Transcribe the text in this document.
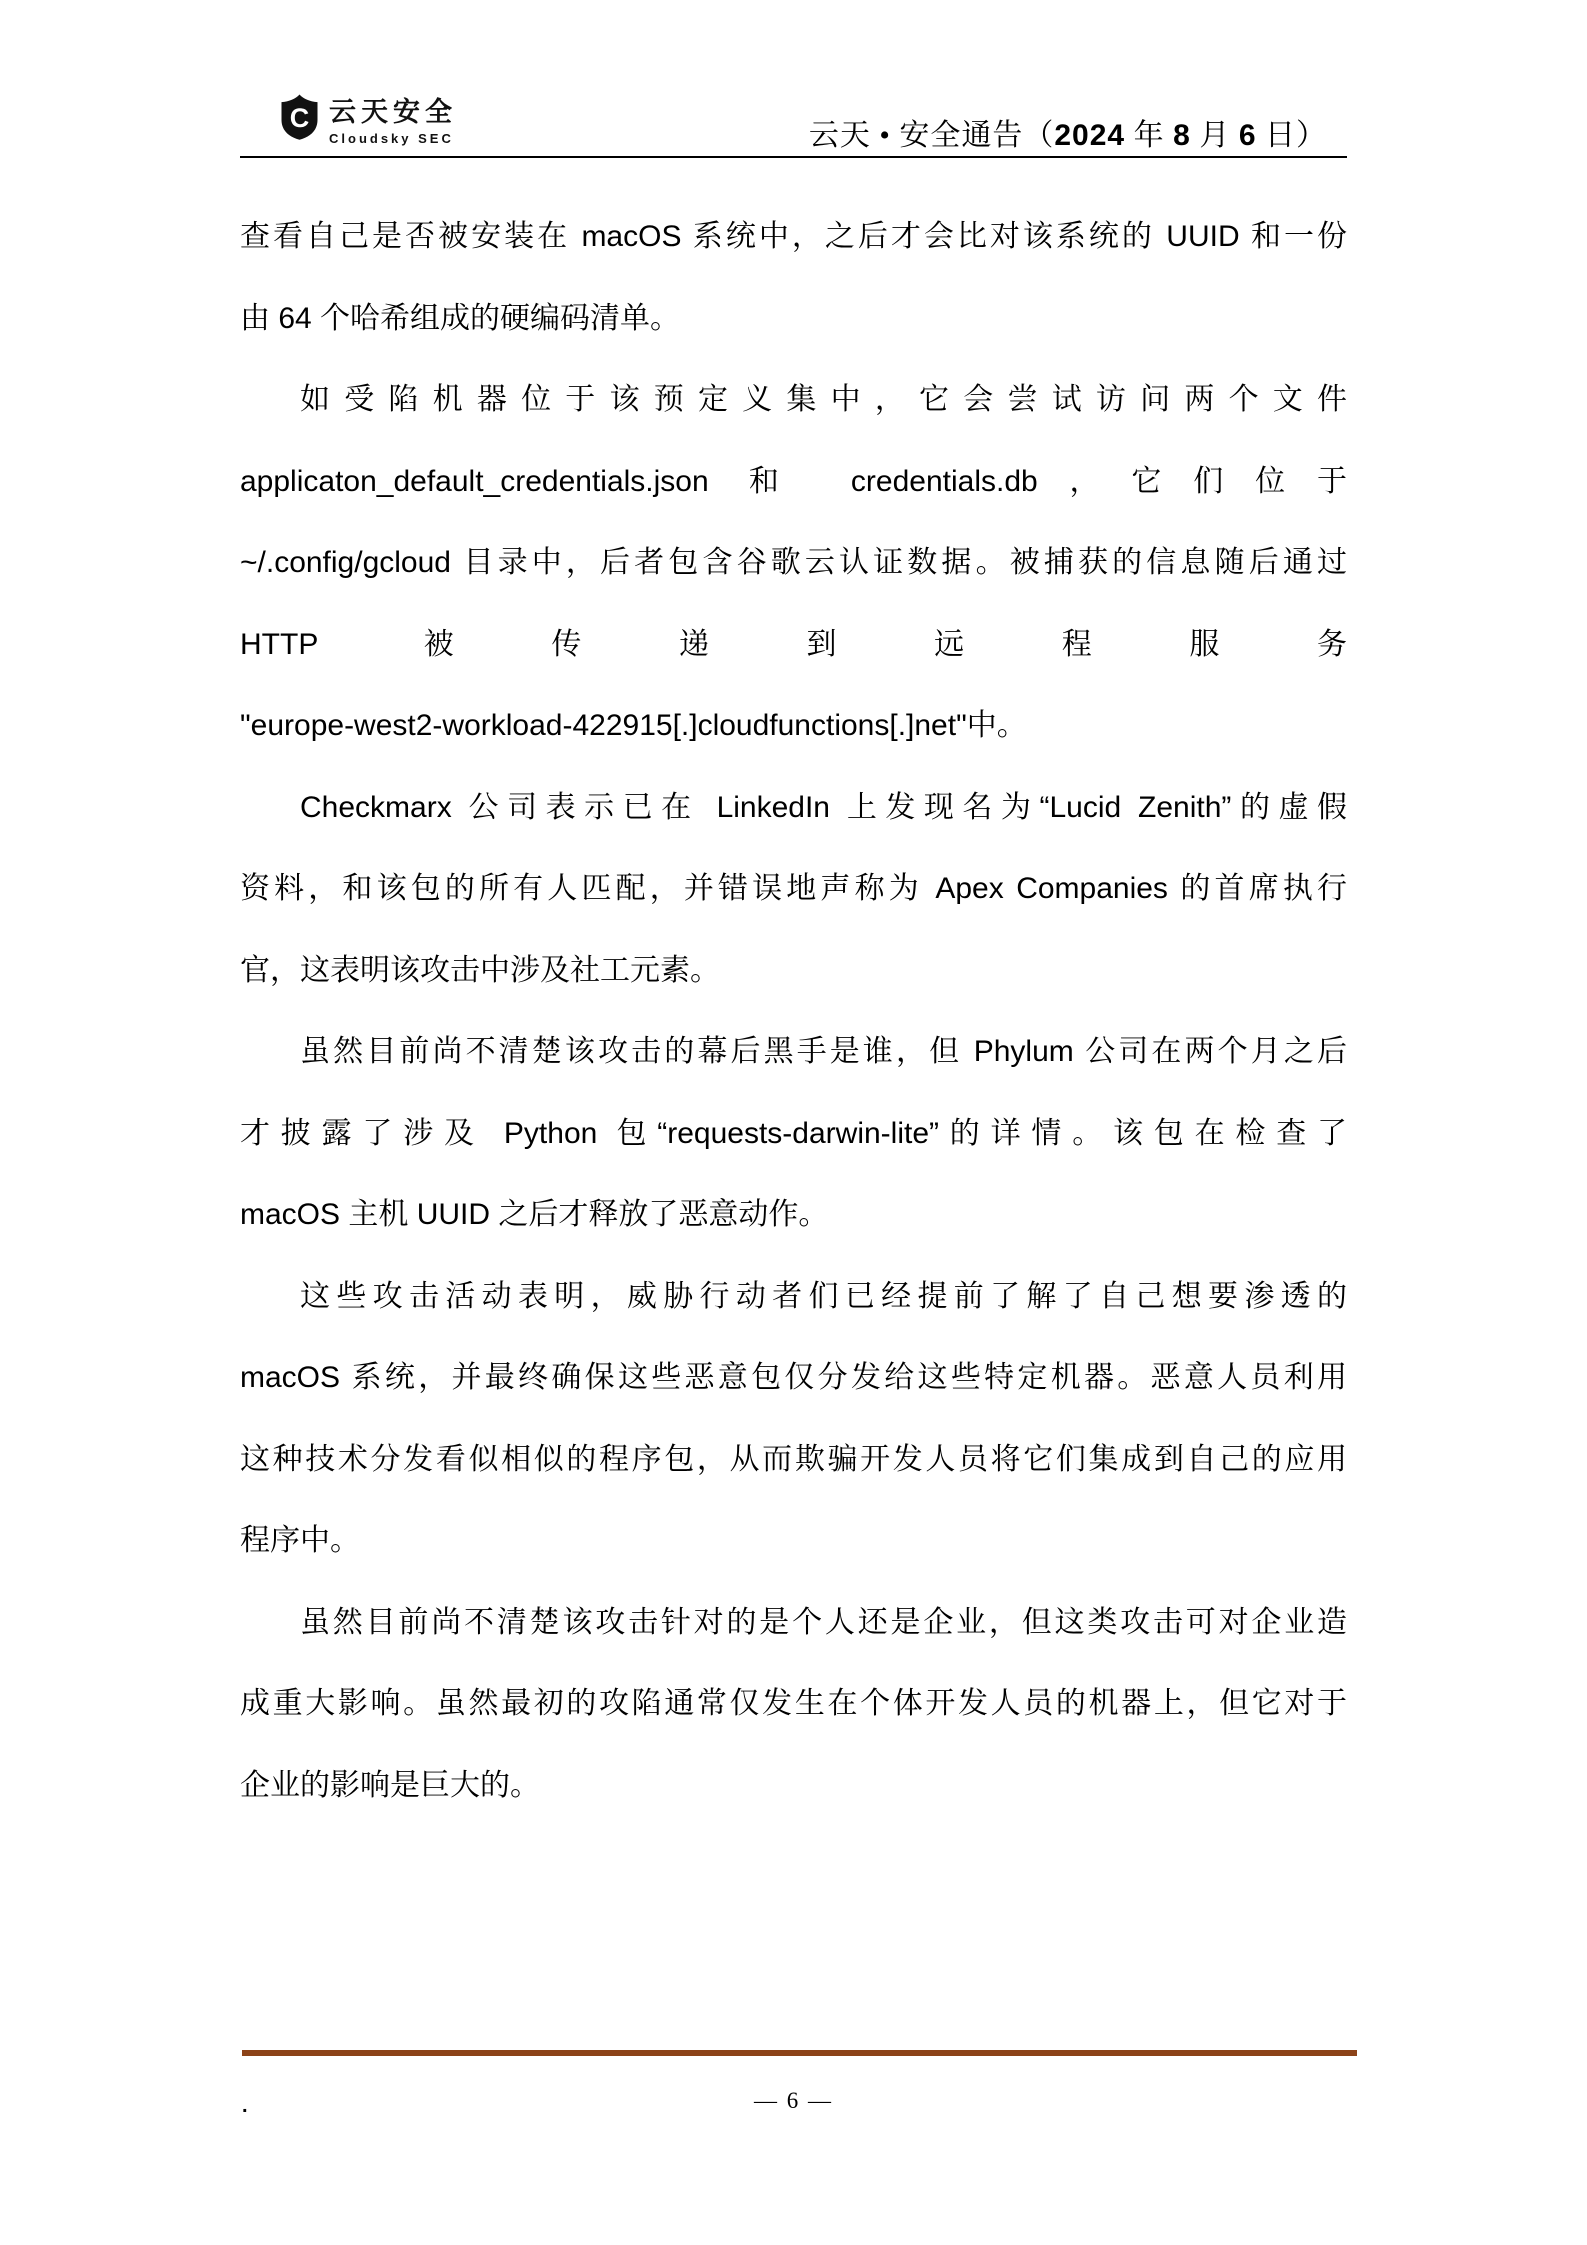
C 云天安全
Cloudsky SEC	云天 • 安全通告（2024 年 8 月 6 日）
查看自己是否被安装在 macOS 系统中，之后才会比对该系统的 UUID 和一份
由 64 个哈希组成的硬编码清单。
如受陷机器位于该预定义集中，它会尝试访问两个文件
applicaton_default_credentials.json 和 credentials.db，它们位于
~/.config/gcloud 目录中，后者包含谷歌云认证数据。被捕获的信息随后通过
HTTP 被传递到远程服务
"europe-west2-workload-422915[.]cloudfunctions[.]net"中。
Checkmarx 公司表示已在 LinkedIn 上发现名为“Lucid Zenith”的虚假
资料，和该包的所有人匹配，并错误地声称为 Apex Companies 的首席执行
官，这表明该攻击中涉及社工元素。
虽然目前尚不清楚该攻击的幕后黑手是谁，但 Phylum 公司在两个月之后
才披露了涉及 Python 包“requests-darwin-lite”的详情。该包在检查了
macOS 主机 UUID 之后才释放了恶意动作。
这些攻击活动表明，威胁行动者们已经提前了解了自己想要渗透的
macOS 系统，并最终确保这些恶意包仅分发给这些特定机器。恶意人员利用
这种技术分发看似相似的程序包，从而欺骗开发人员将它们集成到自己的应用
程序中。
虽然目前尚不清楚该攻击针对的是个人还是企业，但这类攻击可对企业造
成重大影响。虽然最初的攻陷通常仅发生在个体开发人员的机器上，但它对于
企业的影响是巨大的。
.	— 6 —
